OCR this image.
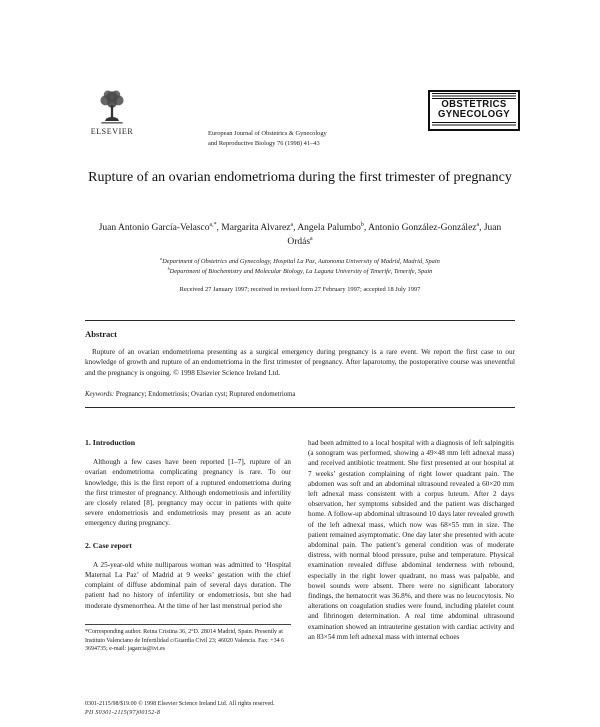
ELSEVIER	European Journal of Obstetrics & Gynecology
and Reproductive Biology 76 (1998) 41–43
OBSTETRICS
GYNECOLOGY
Rupture of an ovarian endometrioma during the first trimester of pregnancy

Juan Antonio García-Velasco$^{a,*}$, Margarita Alvarez$^a$, Angela Palumbo$^b$, Antonio González-González$^a$, Juan Ordás$^a$

$^a$Department of Obstetrics and Gynecology, Hospital La Paz, Autonoma University of Madrid, Madrid, Spain
$^b$Department of Biochemistry and Molecular Biology, La Laguna University of Tenerife, Tenerife, Spain

Received 27 January 1997; received in revised form 27 February 1997; accepted 18 July 1997

Abstract

Rupture of an ovarian endometrioma presenting as a surgical emergency during pregnancy is a rare event. We report the first case to our knowledge of growth and rupture of an endometrioma in the first trimester of pregnancy. After laparotomy, the postoperative course was uneventful and the pregnancy is ongoing. © 1998 Elsevier Science Ireland Ltd.

Keywords: Pregnancy; Endometriosis; Ovarian cyst; Ruptured endometrioma

1. Introduction

Although a few cases have been reported [1–7], rupture of an ovarian endometrioma complicating pregnancy is rare. To our knowledge, this is the first report of a ruptured endometrioma during the first trimester of pregnancy. Although endometriosis and infertility are closely related [8], pregnancy may occur in patients with quite severe endometriosis and endometriosis may present as an acute emergency during pregnancy.

2. Case report

A 25-year-old white nulliparous woman was admitted to ‘Hospital Maternal La Paz’ of Madrid at 9 weeks’ gestation with the chief complaint of diffuse abdominal pain of several days duration. The patient had no history of infertility or endometriosis, but she had moderate dysmenorrhea. At the time of her last menstrual period she

*Corresponding author. Reina Cristina 36, 2°D. 28014 Madrid, Spain. Presently at Instituto Valenciano de Infertilidad c/Guardia Civil 23; 46020 Valencia. Fax: +34 6 3694735; e-mail: jagarcia@ivi.es

had been admitted to a local hospital with a diagnosis of left salpingitis (a sonogram was performed, showing a 49×48 mm left adnexal mass) and received antibiotic treatment. She first presented at our hospital at 7 weeks’ gestation complaining of right lower quadrant pain. The abdomen was soft and an abdominal ultrasound revealed a 60×20 mm left adnexal mass consistent with a corpus luteum. After 2 days observation, her symptoms subsided and the patient was discharged home. A follow-up abdominal ultrasound 10 days later revealed growth of the left adnexal mass, which now was 68×55 mm in size. The patient remained asymptomatic. One day later she presented with acute abdominal pain. The patient’s general condition was of moderate distress, with normal blood pressure, pulse and temperature. Physical examination revealed diffuse abdominal tenderness with rebound, especially in the right lower quadrant, no mass was palpable, and bowel sounds were absent. There were no significant laboratory findings, the hematocrit was 36.8%, and there was no leucocytosis. No alterations on coagulation studies were found, including platelet count and fibrinogen determination. A real time abdominal ultrasound examination showed an intrauterine gestation with cardiac activity and an 83×54 mm left adnexal mass with internal echoes

0301-2115/98/$19.00 © 1998 Elsevier Science Ireland Ltd. All rights reserved.
PII S0301-2115(97)00152-8
